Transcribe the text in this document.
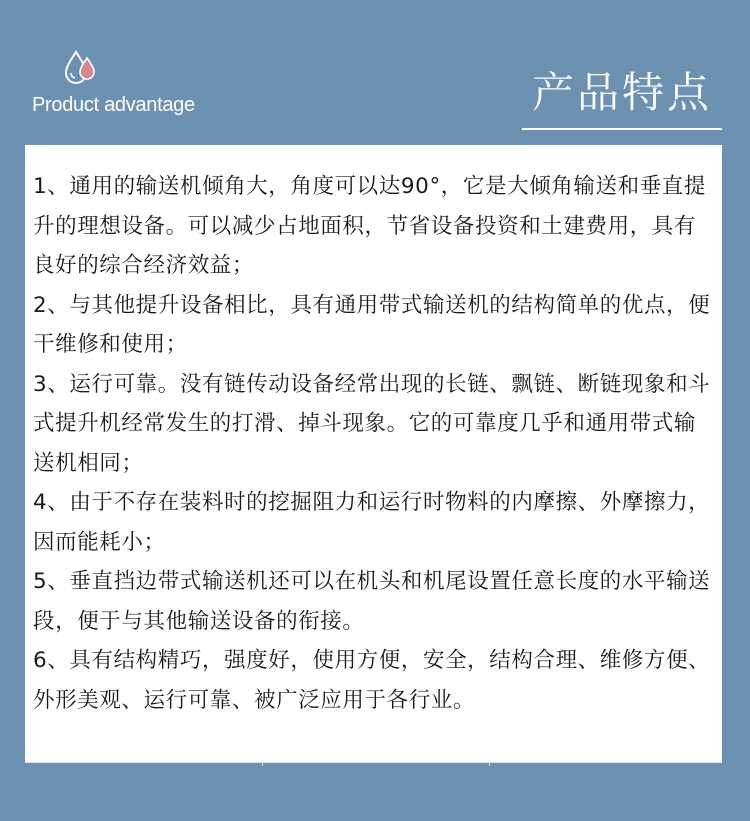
Product advantage	产品特点

1、通用的输送机倾角大，角度可以达90°，它是大倾角输送和垂直提升的理想设备。可以减少占地面积，节省设备投资和土建费用，具有良好的综合经济效益；

2、与其他提升设备相比，具有通用带式输送机的结构简单的优点，便干维修和使用；

3、运行可靠。没有链传动设备经常出现的长链、飘链、断链现象和斗式提升机经常发生的打滑、掉斗现象。它的可靠度几乎和通用带式输送机相同；

4、由于不存在装料时的挖掘阻力和运行时物料的内摩擦、外摩擦力，因而能耗小；

5、垂直挡边带式输送机还可以在机头和机尾设置任意长度的水平输送段，便于与其他输送设备的衔接。

6、具有结构精巧，强度好，使用方便，安全，结构合理、维修方便、外形美观、运行可靠、被广泛应用于各行业。
